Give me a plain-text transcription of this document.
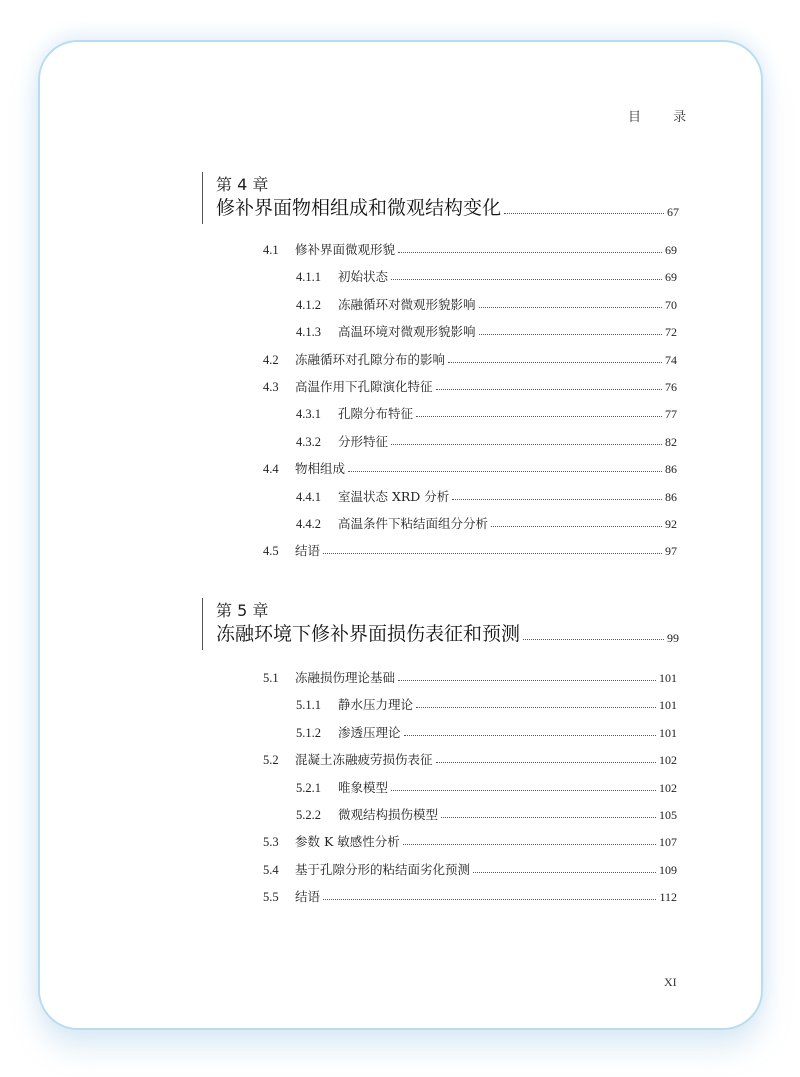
目 录
第 4 章
修补界面物相组成和微观结构变化	67
4.1	修补界面微观形貌	69
4.1.1	初始状态	69
4.1.2	冻融循环对微观形貌影响	70
4.1.3	高温环境对微观形貌影响	72
4.2	冻融循环对孔隙分布的影响	74
4.3	高温作用下孔隙演化特征	76
4.3.1	孔隙分布特征	77
4.3.2	分形特征	82
4.4	物相组成	86
4.4.1	室温状态 XRD 分析	86
4.4.2	高温条件下粘结面组分分析	92
4.5	结语	97
第 5 章
冻融环境下修补界面损伤表征和预测	99
5.1	冻融损伤理论基础	101
5.1.1	静水压力理论	101
5.1.2	渗透压理论	101
5.2	混凝土冻融疲劳损伤表征	102
5.2.1	唯象模型	102
5.2.2	微观结构损伤模型	105
5.3	参数 K 敏感性分析	107
5.4	基于孔隙分形的粘结面劣化预测	109
5.5	结语	112
XI
